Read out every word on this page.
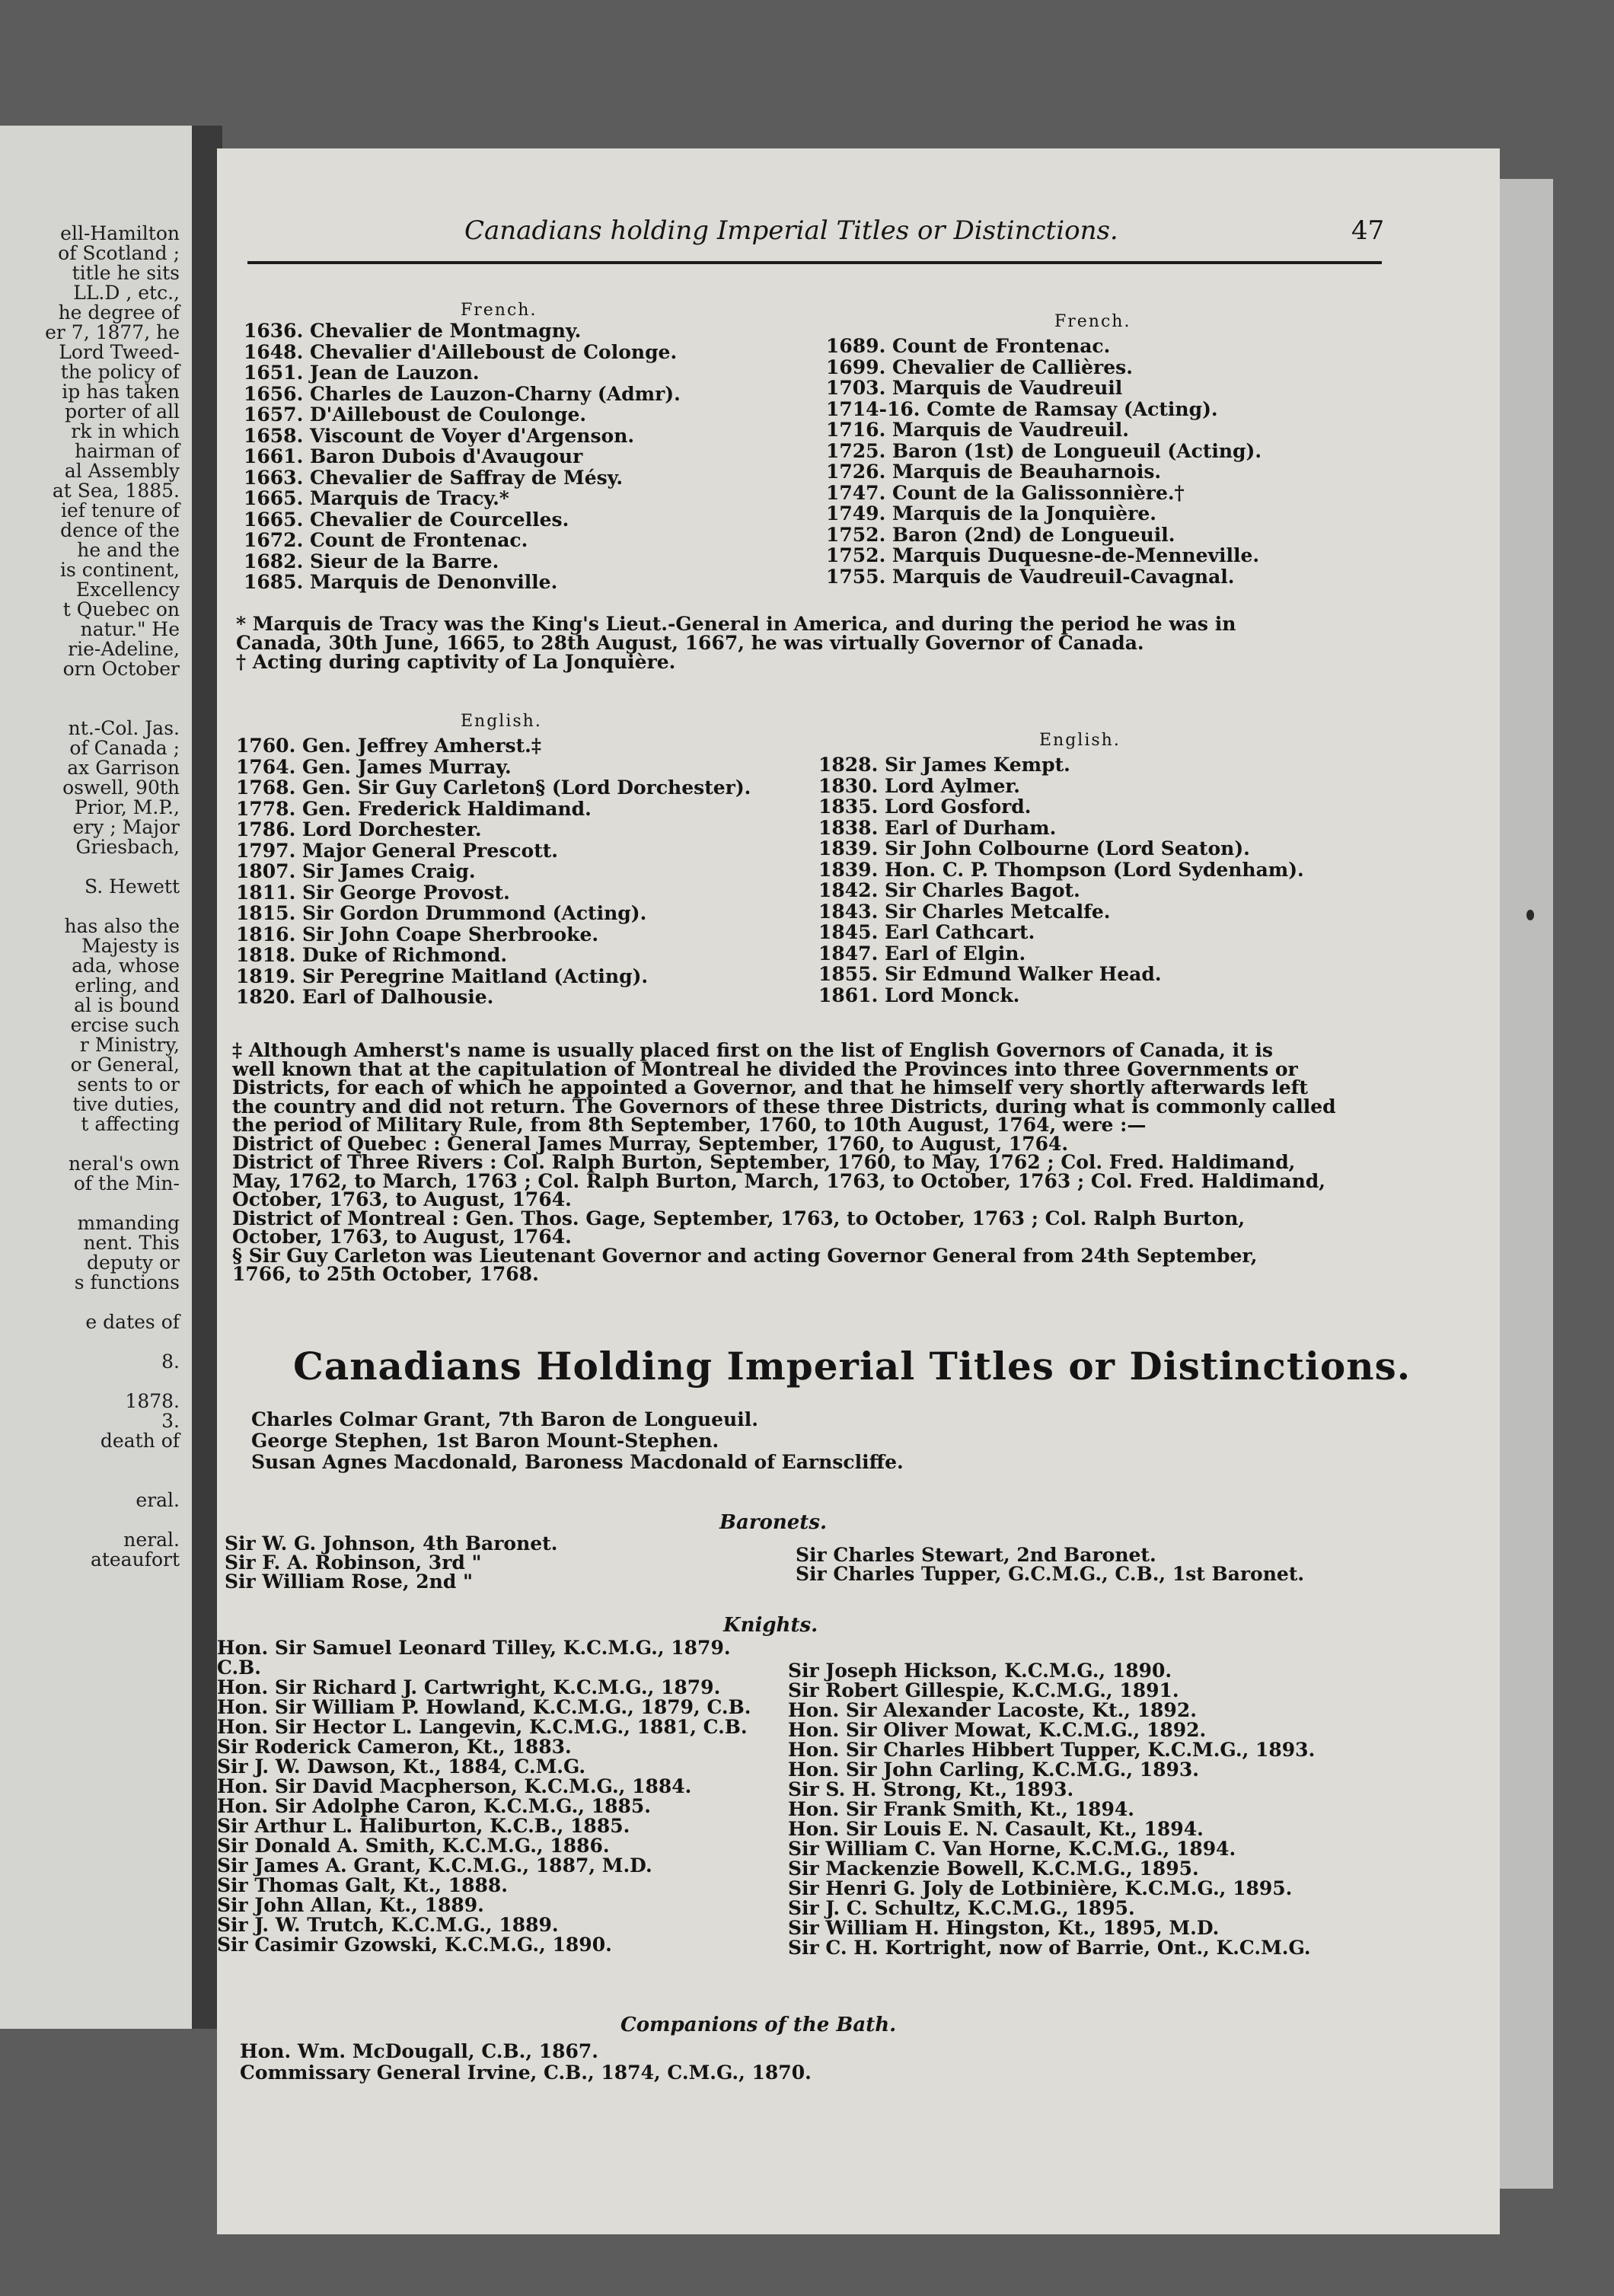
ell-Hamilton
of Scotland ;
title he sits
LL.D , etc.,
he degree of
er 7, 1877, he
Lord Tweed-
the policy of
ip has taken
porter of all
rk in which
hairman of
al Assembly
at Sea, 1885.
ief tenure of
dence of the
he and the
is continent,
Excellency
t Quebec on
natur." He
rie-Adeline,
orn October
nt.-Col. Jas.
of Canada ;
ax Garrison
oswell, 90th
Prior, M.P.,
ery ; Major
Griesbach,
S. Hewett
has also the
Majesty is
ada, whose
erling, and
al is bound
ercise such
r Ministry,
or General,
sents to or
tive duties,
t affecting
neral's own
of the Min-
mmanding
nent. This
deputy or
s functions
e dates of
8.
1878.
3.
death of
eral.
neral.
ateaufort
Canadians holding Imperial Titles or Distinctions.	47
French.
1636. Chevalier de Montmagny.
1648. Chevalier d'Ailleboust de Colonge.
1651. Jean de Lauzon.
1656. Charles de Lauzon-Charny (Admr).
1657. D'Ailleboust de Coulonge.
1658. Viscount de Voyer d'Argenson.
1661. Baron Dubois d'Avaugour
1663. Chevalier de Saffray de Mésy.
1665. Marquis de Tracy.*
1665. Chevalier de Courcelles.
1672. Count de Frontenac.
1682. Sieur de la Barre.
1685. Marquis de Denonville.
French.
1689. Count de Frontenac.
1699. Chevalier de Callières.
1703. Marquis de Vaudreuil
1714-16. Comte de Ramsay (Acting).
1716. Marquis de Vaudreuil.
1725. Baron (1st) de Longueuil (Acting).
1726. Marquis de Beauharnois.
1747. Count de la Galissonnière.†
1749. Marquis de la Jonquière.
1752. Baron (2nd) de Longueuil.
1752. Marquis Duquesne-de-Menneville.
1755. Marquis de Vaudreuil-Cavagnal.
* Marquis de Tracy was the King's Lieut.-General in America, and during the period he was in
Canada, 30th June, 1665, to 28th August, 1667, he was virtually Governor of Canada.
† Acting during captivity of La Jonquière.
English.
1760. Gen. Jeffrey Amherst.‡
1764. Gen. James Murray.
1768. Gen. Sir Guy Carleton§ (Lord Dorchester).
1778. Gen. Frederick Haldimand.
1786. Lord Dorchester.
1797. Major General Prescott.
1807. Sir James Craig.
1811. Sir George Provost.
1815. Sir Gordon Drummond (Acting).
1816. Sir John Coape Sherbrooke.
1818. Duke of Richmond.
1819. Sir Peregrine Maitland (Acting).
1820. Earl of Dalhousie.
English.
1828. Sir James Kempt.
1830. Lord Aylmer.
1835. Lord Gosford.
1838. Earl of Durham.
1839. Sir John Colbourne (Lord Seaton).
1839. Hon. C. P. Thompson (Lord Sydenham).
1842. Sir Charles Bagot.
1843. Sir Charles Metcalfe.
1845. Earl Cathcart.
1847. Earl of Elgin.
1855. Sir Edmund Walker Head.
1861. Lord Monck.
‡ Although Amherst's name is usually placed first on the list of English Governors of Canada, it is
well known that at the capitulation of Montreal he divided the Provinces into three Governments or
Districts, for each of which he appointed a Governor, and that he himself very shortly afterwards left
the country and did not return. The Governors of these three Districts, during what is commonly called
the period of Military Rule, from 8th September, 1760, to 10th August, 1764, were :—
District of Quebec : General James Murray, September, 1760, to August, 1764.
District of Three Rivers : Col. Ralph Burton, September, 1760, to May, 1762 ; Col. Fred. Haldimand,
May, 1762, to March, 1763 ; Col. Ralph Burton, March, 1763, to October, 1763 ; Col. Fred. Haldimand,
October, 1763, to August, 1764.
District of Montreal : Gen. Thos. Gage, September, 1763, to October, 1763 ; Col. Ralph Burton,
October, 1763, to August, 1764.
§ Sir Guy Carleton was Lieutenant Governor and acting Governor General from 24th September,
1766, to 25th October, 1768.
Canadians Holding Imperial Titles or Distinctions.
Charles Colmar Grant, 7th Baron de Longueuil.
George Stephen, 1st Baron Mount-Stephen.
Susan Agnes Macdonald, Baroness Macdonald of Earnscliffe.
Baronets.
Sir W. G. Johnson, 4th Baronet.
Sir F. A. Robinson, 3rd "
Sir William Rose, 2nd "
Sir Charles Stewart, 2nd Baronet.
Sir Charles Tupper, G.C.M.G., C.B., 1st Baronet.
Knights.
Hon. Sir Samuel Leonard Tilley, K.C.M.G., 1879.
C.B.
Hon. Sir Richard J. Cartwright, K.C.M.G., 1879.
Hon. Sir William P. Howland, K.C.M.G., 1879, C.B.
Hon. Sir Hector L. Langevin, K.C.M.G., 1881, C.B.
Sir Roderick Cameron, Kt., 1883.
Sir J. W. Dawson, Kt., 1884, C.M.G.
Hon. Sir David Macpherson, K.C.M.G., 1884.
Hon. Sir Adolphe Caron, K.C.M.G., 1885.
Sir Arthur L. Haliburton, K.C.B., 1885.
Sir Donald A. Smith, K.C.M.G., 1886.
Sir James A. Grant, K.C.M.G., 1887, M.D.
Sir Thomas Galt, Kt., 1888.
Sir John Allan, Kt., 1889.
Sir J. W. Trutch, K.C.M.G., 1889.
Sir Casimir Gzowski, K.C.M.G., 1890.
Sir Joseph Hickson, K.C.M.G., 1890.
Sir Robert Gillespie, K.C.M.G., 1891.
Hon. Sir Alexander Lacoste, Kt., 1892.
Hon. Sir Oliver Mowat, K.C.M.G., 1892.
Hon. Sir Charles Hibbert Tupper, K.C.M.G., 1893.
Hon. Sir John Carling, K.C.M.G., 1893.
Sir S. H. Strong, Kt., 1893.
Hon. Sir Frank Smith, Kt., 1894.
Hon. Sir Louis E. N. Casault, Kt., 1894.
Sir William C. Van Horne, K.C.M.G., 1894.
Sir Mackenzie Bowell, K.C.M.G., 1895.
Sir Henri G. Joly de Lotbinière, K.C.M.G., 1895.
Sir J. C. Schultz, K.C.M.G., 1895.
Sir William H. Hingston, Kt., 1895, M.D.
Sir C. H. Kortright, now of Barrie, Ont., K.C.M.G.
Companions of the Bath.
Hon. Wm. McDougall, C.B., 1867.
Commissary General Irvine, C.B., 1874, C.M.G., 1870.
